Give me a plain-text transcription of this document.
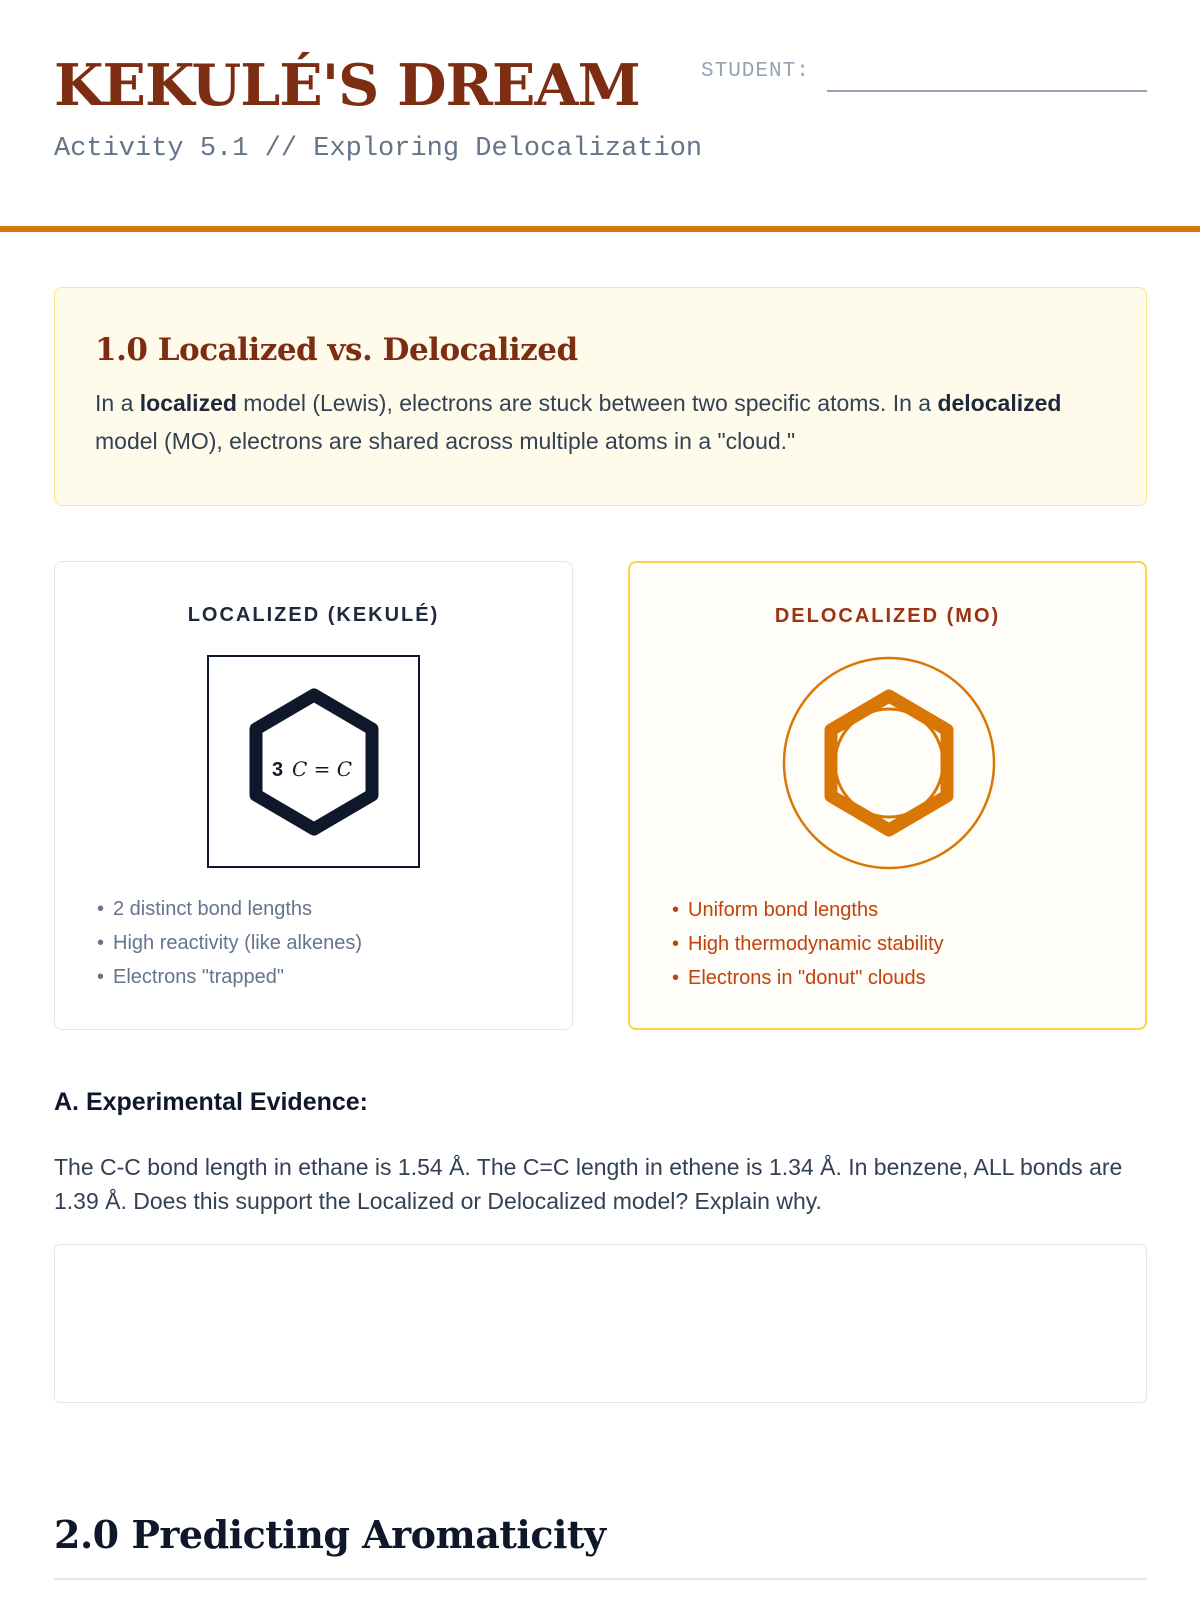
KEKULÉ'S DREAM
Activity 5.1 // Exploring Delocalization
STUDENT:
1.0 Localized vs. Delocalized

In a localized model (Lewis), electrons are stuck between two specific atoms. In a delocalized model (MO), electrons are shared across multiple atoms in a "cloud."

LOCALIZED (KEKULÉ)
3 C = C
• 2 distinct bond lengths
• High reactivity (like alkenes)
• Electrons "trapped"
DELOCALIZED (MO)
• Uniform bond lengths
• High thermodynamic stability
• Electrons in "donut" clouds
A. Experimental Evidence:
The C-C bond length in ethane is 1.54 Å. The C=C length in ethene is 1.34 Å. In benzene, ALL bonds are 1.39 Å. Does this support the Localized or Delocalized model? Explain why.
2.0 Predicting Aromaticity
